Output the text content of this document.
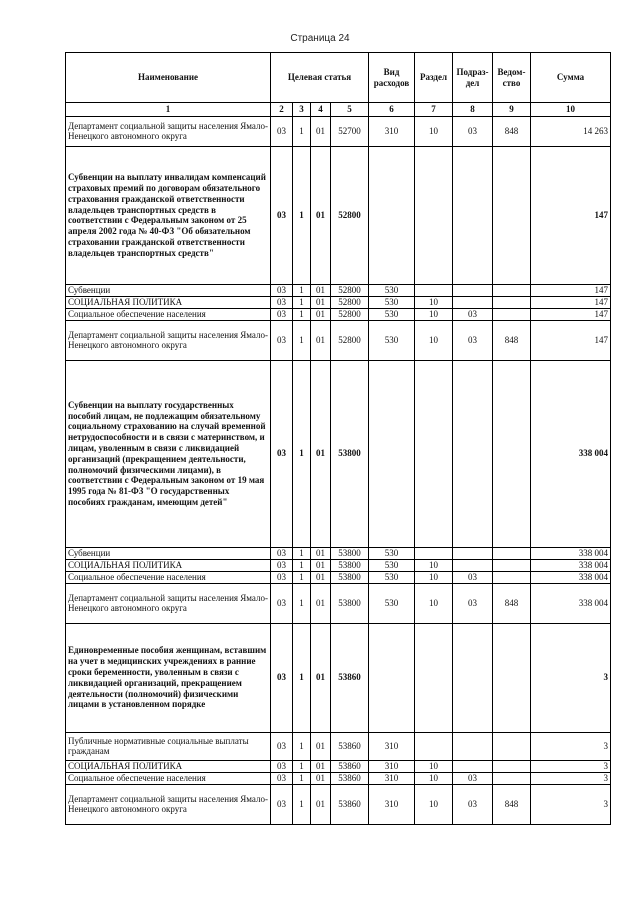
Страница 24
Наименование	Целевая статья				Вид расходов	Раздел	Подраз-дел	Ведом-ство	Сумма
1	2	3	4	5	6	7	8	9	10
Департамент социальной защиты населения Ямало-Ненецкого автономного округа	03	1	01	52700	310	10	03	848	14 263
Субвенции на выплату инвалидам компенсаций страховых премий по договорам обязательного страхования гражданской ответственности владельцев транспортных средств в соответствии с Федеральным законом от 25 апреля 2002 года № 40-ФЗ "Об обязательном страховании гражданской ответственности владельцев транспортных средств"	03	1	01	52800					147
Субвенции	03	1	01	52800	530				147
СОЦИАЛЬНАЯ ПОЛИТИКА	03	1	01	52800	530	10			147
Социальное обеспечение населения	03	1	01	52800	530	10	03		147
Департамент социальной защиты населения Ямало-Ненецкого автономного округа	03	1	01	52800	530	10	03	848	147
Субвенции на выплату государственных пособий лицам, не подлежащим обязательному социальному страхованию на случай временной нетрудоспособности и в связи с материнством, и лицам, уволенным в связи с ликвидацией организаций (прекращением деятельности, полномочий физическими лицами), в соответствии с Федеральным законом от 19 мая 1995 года № 81-ФЗ "О государственных пособиях гражданам, имеющим детей"	03	1	01	53800					338 004
Субвенции	03	1	01	53800	530				338 004
СОЦИАЛЬНАЯ ПОЛИТИКА	03	1	01	53800	530	10			338 004
Социальное обеспечение населения	03	1	01	53800	530	10	03		338 004
Департамент социальной защиты населения Ямало-Ненецкого автономного округа	03	1	01	53800	530	10	03	848	338 004
Единовременные пособия женщинам, вставшим на учет в медицинских учреждениях в ранние сроки беременности, уволенным в связи с ликвидацией организаций, прекращением деятельности (полномочий) физическими лицами в установленном порядке	03	1	01	53860					3
Публичные нормативные социальные выплаты гражданам	03	1	01	53860	310				3
СОЦИАЛЬНАЯ ПОЛИТИКА	03	1	01	53860	310	10			3
Социальное обеспечение населения	03	1	01	53860	310	10	03		3
Департамент социальной защиты населения Ямало-Ненецкого автономного округа	03	1	01	53860	310	10	03	848	3
